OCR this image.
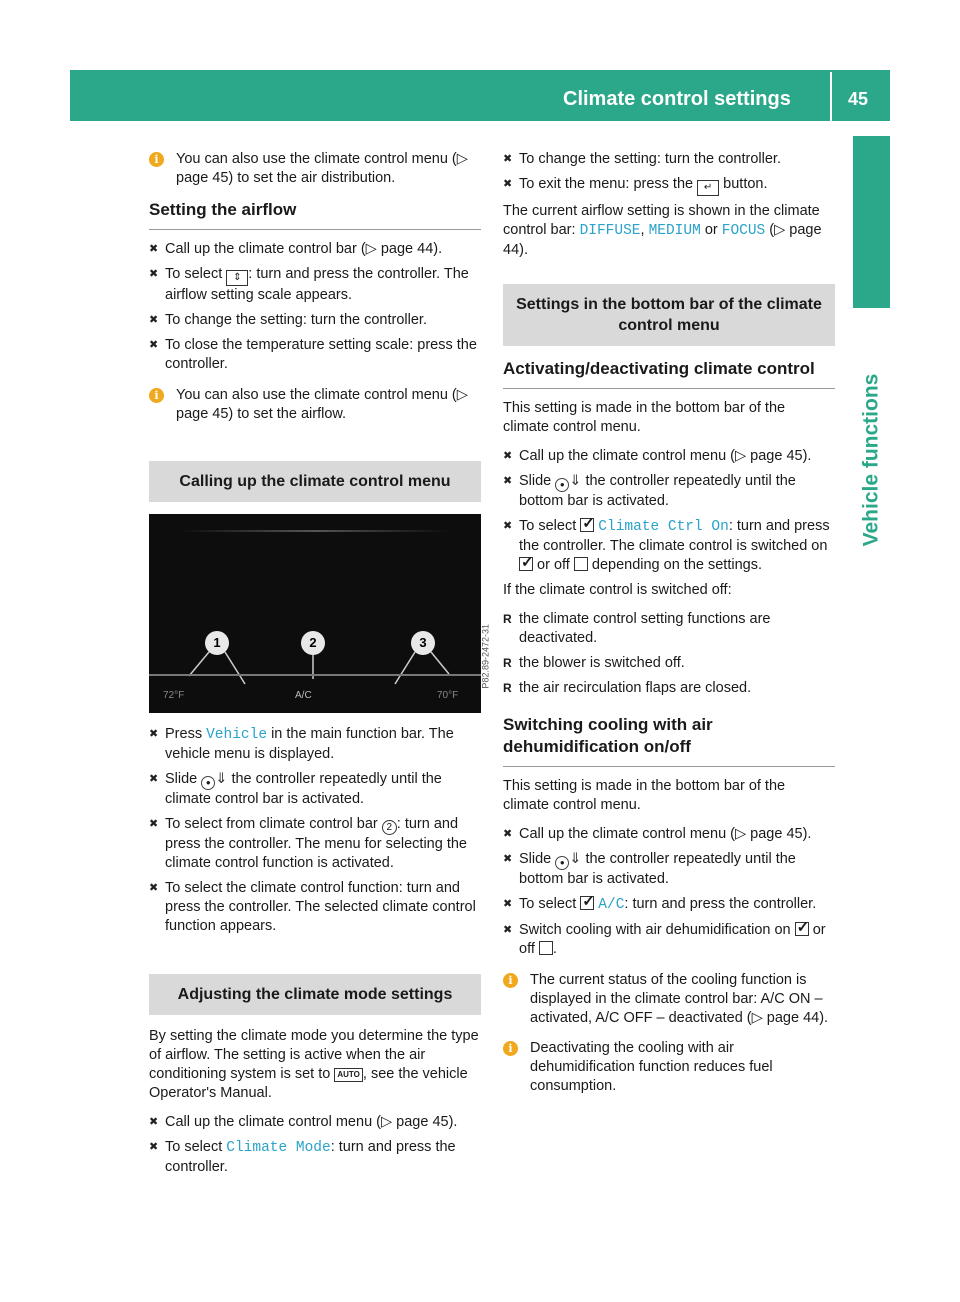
Climate control settings	45
Vehicle functions
i	You can also use the climate control menu (▷ page 45) to set the air distribution.
Setting the airflow
✖ Call up the climate control bar (▷ page 44).
✖ To select ⇕ : turn and press the controller. The airflow setting scale appears.
✖ To change the setting: turn the controller.
✖ To close the temperature setting scale: press the controller.
i	You can also use the climate control menu (▷ page 45) to set the airflow.
Calling up the climate control menu
1	2	3
72°F	A/C	70°F
P82.89-2472-31
✖ Press Vehicle in the main function bar. The vehicle menu is displayed.
✖ Slide ● ⇓ the controller repeatedly until the climate control bar is activated.
✖ To select from climate control bar 2 : turn and press the controller. The menu for selecting the climate control function is activated.
✖ To select the climate control function: turn and press the controller. The selected climate control function appears.
Adjusting the climate mode settings

By setting the climate mode you determine the type of airflow. The setting is active when the air conditioning system is set to AUTO , see the vehicle Operator's Manual.

✖ Call up the climate control menu (▷ page 45).
✖ To select Climate Mode: turn and press the controller.
✖ To change the setting: turn the controller.
✖ To exit the menu: press the ↵ button.

The current airflow setting is shown in the climate control bar: DIFFUSE, MEDIUM or FOCUS (▷ page 44).

Settings in the bottom bar of the climate control menu
Activating/deactivating climate control

This setting is made in the bottom bar of the climate control menu.

✖ Call up the climate control menu (▷ page 45).
✖ Slide ● ⇓ the controller repeatedly until the bottom bar is activated.
✖ To select ✓ Climate Ctrl On: turn and press the controller. The climate control is switched on ✓ or off depending on the settings.

If the climate control is switched off:

R the climate control setting functions are deactivated.
R the blower is switched off.
R the air recirculation flaps are closed.
Switching cooling with air dehumidification on/off

This setting is made in the bottom bar of the climate control menu.

✖ Call up the climate control menu (▷ page 45).
✖ Slide ● ⇓ the controller repeatedly until the bottom bar is activated.
✖ To select ✓ A/C: turn and press the controller.
✖ Switch cooling with air dehumidification on ✓ or off .
i	The current status of the cooling function is displayed in the climate control bar: A/C ON – activated, A/C OFF – deactivated (▷ page 44).
i	Deactivating the cooling with air dehumidification function reduces fuel consumption.
